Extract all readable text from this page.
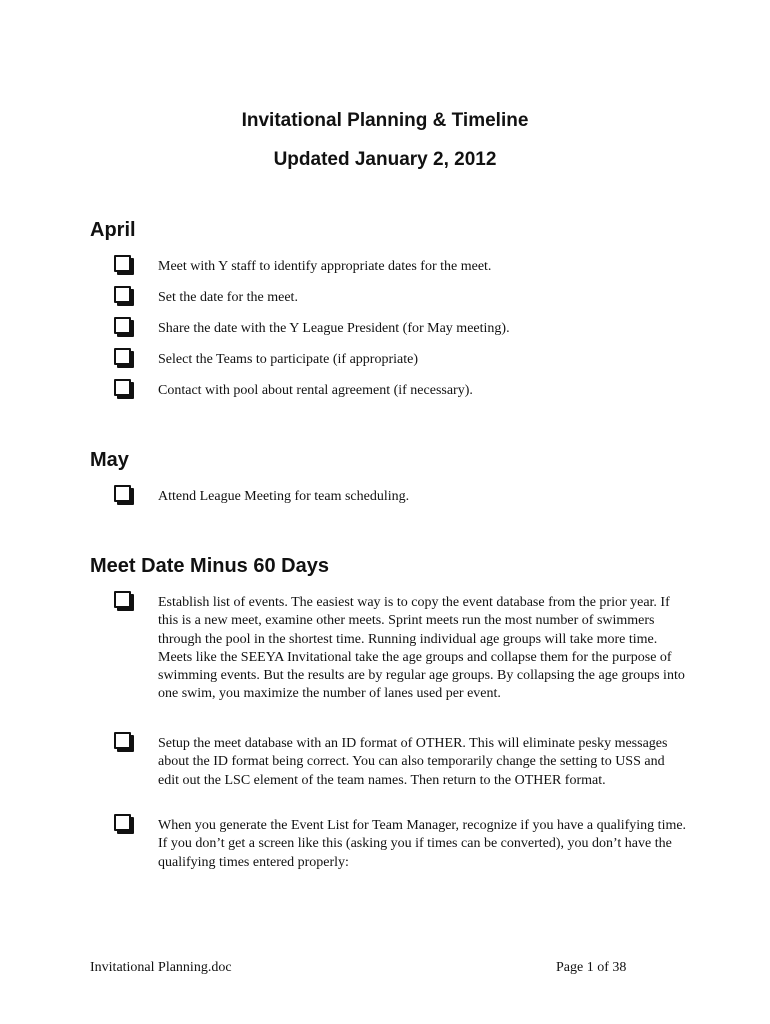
Invitational Planning & Timeline
Updated January 2, 2012
April
Meet with Y staff to identify appropriate dates for the meet.
Set the date for the meet.
Share the date with the Y League President (for May meeting).
Select the Teams to participate (if appropriate)
Contact with pool about rental agreement (if necessary).
May
Attend League Meeting for team scheduling.
Meet Date Minus 60 Days
Establish list of events. The easiest way is to copy the event database from the prior year. If this is a new meet, examine other meets. Sprint meets run the most number of swimmers through the pool in the shortest time. Running individual age groups will take more time. Meets like the SEEYA Invitational take the age groups and collapse them for the purpose of swimming events. But the results are by regular age groups. By collapsing the age groups into one swim, you maximize the number of lanes used per event.
Setup the meet database with an ID format of OTHER. This will eliminate pesky messages about the ID format being correct. You can also temporarily change the setting to USS and edit out the LSC element of the team names. Then return to the OTHER format.
When you generate the Event List for Team Manager, recognize if you have a qualifying time. If you don’t get a screen like this (asking you if times can be converted), you don’t have the qualifying times entered properly:
Invitational Planning.doc	Page 1 of 38
